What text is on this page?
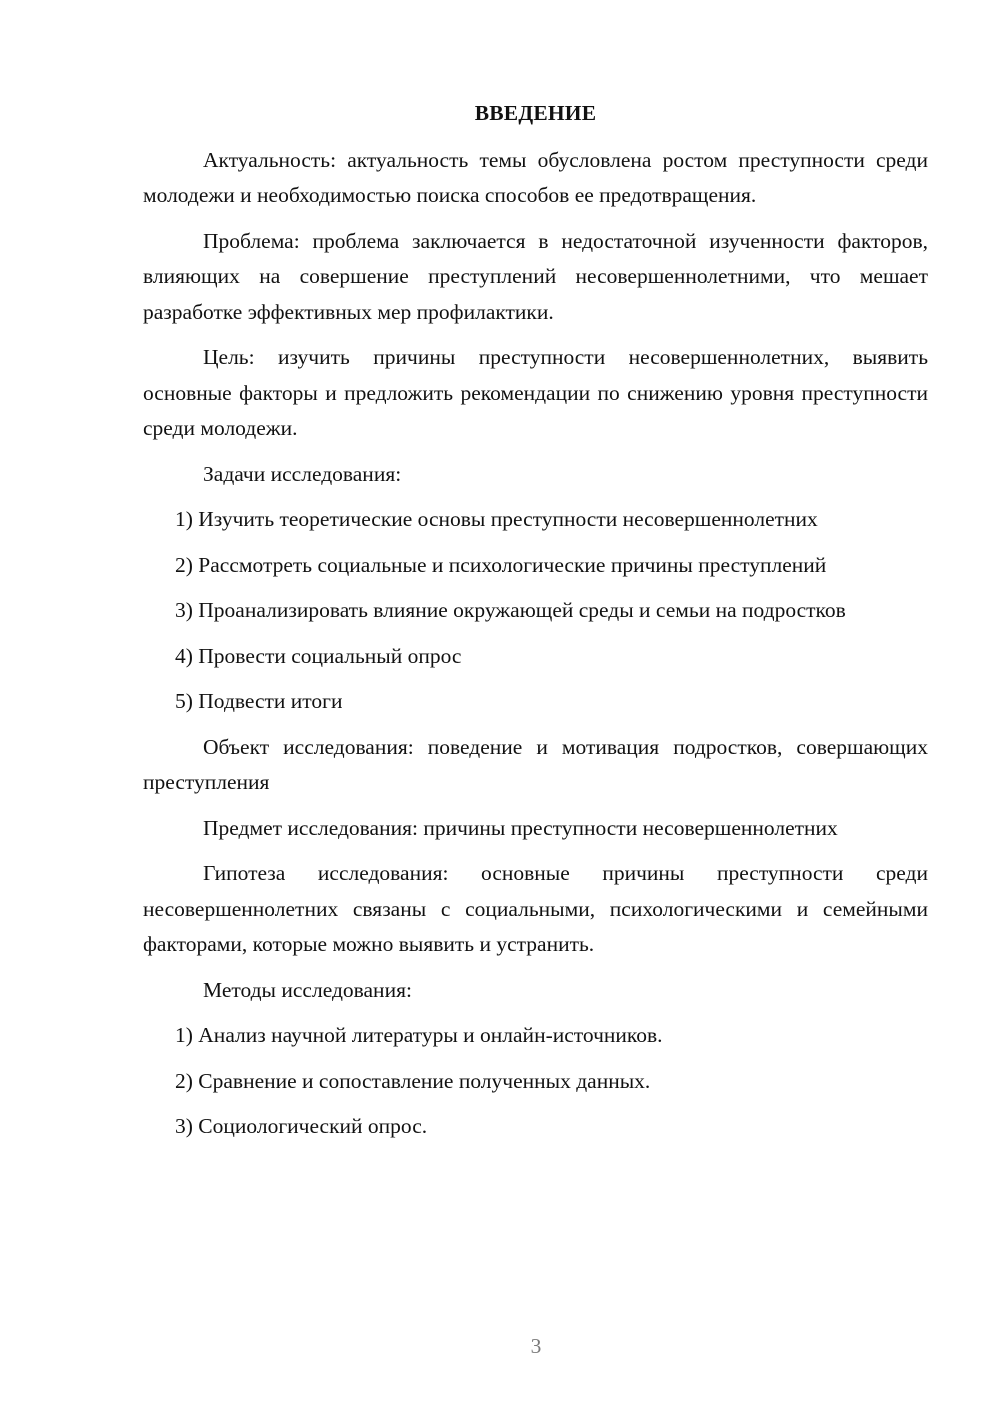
ВВЕДЕНИЕ

Актуальность: актуальность темы обусловлена ростом преступности среди молодежи и необходимостью поиска способов ее предотвращения.

Проблема: проблема заключается в недостаточной изученности факторов, влияющих на совершение преступлений несовершеннолетними, что мешает разработке эффективных мер профилактики.

Цель: изучить причины преступности несовершеннолетних, выявить основные факторы и предложить рекомендации по снижению уровня преступности среди молодежи.

Задачи исследования:

1) Изучить теоретические основы преступности несовершеннолетних

2) Рассмотреть социальные и психологические причины преступлений

3) Проанализировать влияние окружающей среды и семьи на подростков

4) Провести социальный опрос

5) Подвести итоги

Объект исследования: поведение и мотивация подростков, совершающих преступления

Предмет исследования: причины преступности несовершеннолетних

Гипотеза исследования: основные причины преступности среди несовершеннолетних связаны с социальными, психологическими и семейными факторами, которые можно выявить и устранить.

Методы исследования:

1) Анализ научной литературы и онлайн-источников.

2) Сравнение и сопоставление полученных данных.

3) Социологический опрос.

3
